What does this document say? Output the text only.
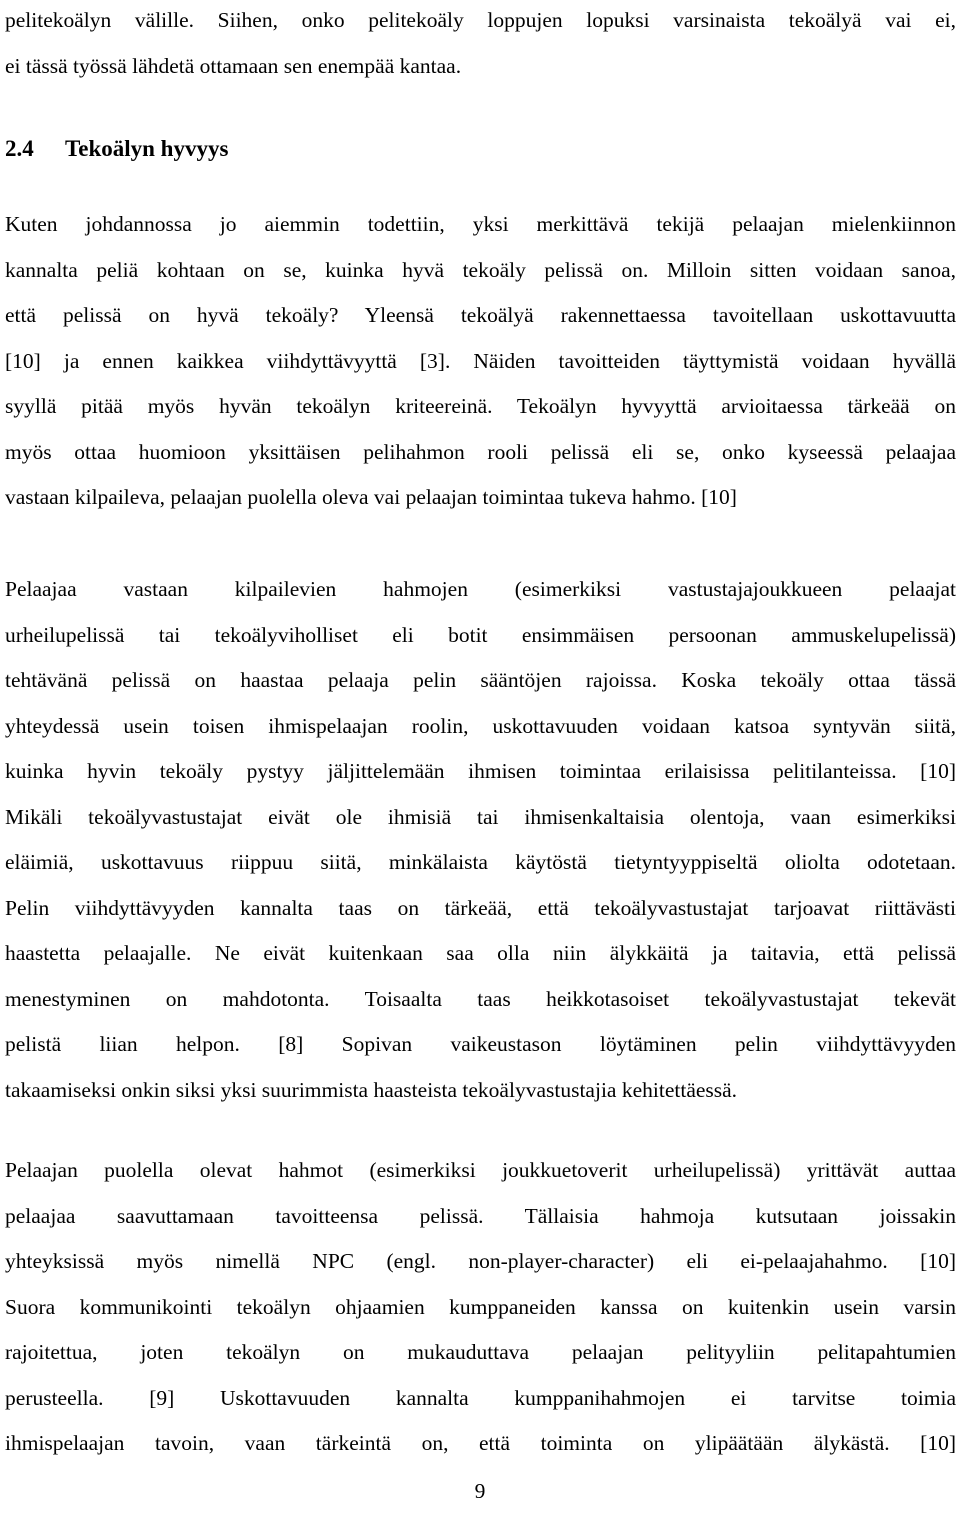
pelitekoälyn välille. Siihen, onko pelitekoäly loppujen lopuksi varsinaista tekoälyä vai ei,
ei tässä työssä lähdetä ottamaan sen enempää kantaa.
2.4 Tekoälyn hyvyys
Kuten johdannossa jo aiemmin todettiin, yksi merkittävä tekijä pelaajan mielenkiinnon
kannalta peliä kohtaan on se, kuinka hyvä tekoäly pelissä on. Milloin sitten voidaan sanoa,
että pelissä on hyvä tekoäly? Yleensä tekoälyä rakennettaessa tavoitellaan uskottavuutta
[10] ja ennen kaikkea viihdyttävyyttä [3]. Näiden tavoitteiden täyttymistä voidaan hyvällä
syyllä pitää myös hyvän tekoälyn kriteereinä. Tekoälyn hyvyyttä arvioitaessa tärkeää on
myös ottaa huomioon yksittäisen pelihahmon rooli pelissä eli se, onko kyseessä pelaajaa
vastaan kilpaileva, pelaajan puolella oleva vai pelaajan toimintaa tukeva hahmo. [10]
Pelaajaa vastaan kilpailevien hahmojen (esimerkiksi vastustajajoukkueen pelaajat
urheilupelissä tai tekoälyviholliset eli botit ensimmäisen persoonan ammuskelupelissä)
tehtävänä pelissä on haastaa pelaaja pelin sääntöjen rajoissa. Koska tekoäly ottaa tässä
yhteydessä usein toisen ihmispelaajan roolin, uskottavuuden voidaan katsoa syntyvän siitä,
kuinka hyvin tekoäly pystyy jäljittelemään ihmisen toimintaa erilaisissa pelitilanteissa. [10]
Mikäli tekoälyvastustajat eivät ole ihmisiä tai ihmisenkaltaisia olentoja, vaan esimerkiksi
eläimiä, uskottavuus riippuu siitä, minkälaista käytöstä tietyntyyppiseltä oliolta odotetaan.
Pelin viihdyttävyyden kannalta taas on tärkeää, että tekoälyvastustajat tarjoavat riittävästi
haastetta pelaajalle. Ne eivät kuitenkaan saa olla niin älykkäitä ja taitavia, että pelissä
menestyminen on mahdotonta. Toisaalta taas heikkotasoiset tekoälyvastustajat tekevät
pelistä liian helpon. [8] Sopivan vaikeustason löytäminen pelin viihdyttävyyden
takaamiseksi onkin siksi yksi suurimmista haasteista tekoälyvastustajia kehitettäessä.
Pelaajan puolella olevat hahmot (esimerkiksi joukkuetoverit urheilupelissä) yrittävät auttaa
pelaajaa saavuttamaan tavoitteensa pelissä. Tällaisia hahmoja kutsutaan joissakin
yhteyksissä myös nimellä NPC (engl. non-player-character) eli ei-pelaajahahmo. [10]
Suora kommunikointi tekoälyn ohjaamien kumppaneiden kanssa on kuitenkin usein varsin
rajoitettua, joten tekoälyn on mukauduttava pelaajan pelityyliin pelitapahtumien
perusteella. [9] Uskottavuuden kannalta kumppanihahmojen ei tarvitse toimia
ihmispelaajan tavoin, vaan tärkeintä on, että toiminta on ylipäätään älykästä. [10]
9
